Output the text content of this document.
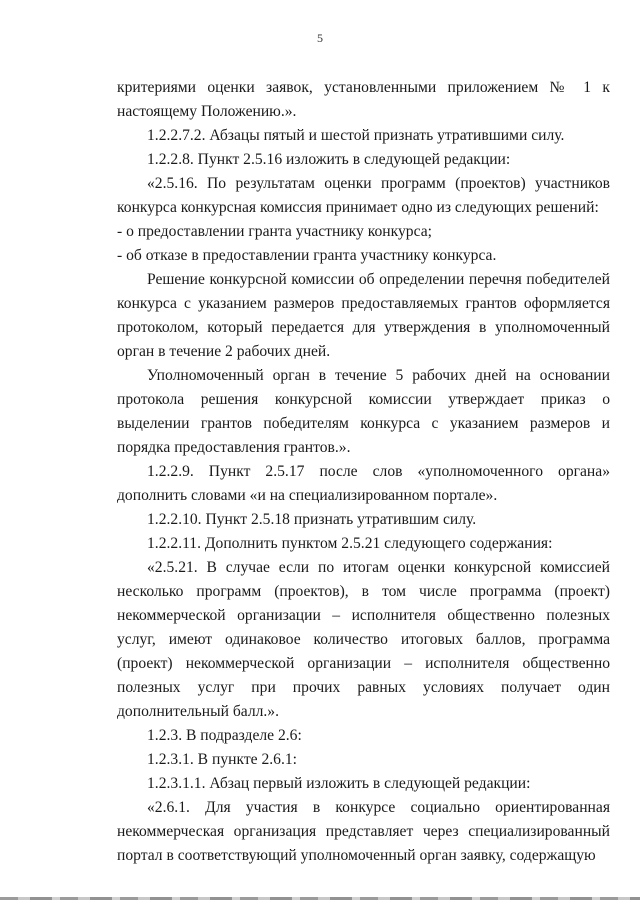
5

критериями оценки заявок, установленными приложением № 1 к настоящему Положению.».

1.2.2.7.2. Абзацы пятый и шестой признать утратившими силу.

1.2.2.8. Пункт 2.5.16 изложить в следующей редакции:

«2.5.16. По результатам оценки программ (проектов) участников конкурса конкурсная комиссия принимает одно из следующих решений:

- о предоставлении гранта участнику конкурса;

- об отказе в предоставлении гранта участнику конкурса.

Решение конкурсной комиссии об определении перечня победителей конкурса с указанием размеров предоставляемых грантов оформляется протоколом, который передается для утверждения в уполномоченный орган в течение 2 рабочих дней.

Уполномоченный орган в течение 5 рабочих дней на основании протокола решения конкурсной комиссии утверждает приказ о выделении грантов победителям конкурса с указанием размеров и порядка предоставления грантов.».

1.2.2.9. Пункт 2.5.17 после слов «уполномоченного органа» дополнить словами «и на специализированном портале».

1.2.2.10. Пункт 2.5.18 признать утратившим силу.

1.2.2.11. Дополнить пунктом 2.5.21 следующего содержания:

«2.5.21. В случае если по итогам оценки конкурсной комиссией несколько программ (проектов), в том числе программа (проект) некоммерческой организации – исполнителя общественно полезных услуг, имеют одинаковое количество итоговых баллов, программа (проект) некоммерческой организации – исполнителя общественно полезных услуг при прочих равных условиях получает один дополнительный балл.».

1.2.3. В подразделе 2.6:

1.2.3.1. В пункте 2.6.1:

1.2.3.1.1. Абзац первый изложить в следующей редакции:

«2.6.1. Для участия в конкурсе социально ориентированная некоммерческая организация представляет через специализированный портал в соответствующий уполномоченный орган заявку, содержащую
